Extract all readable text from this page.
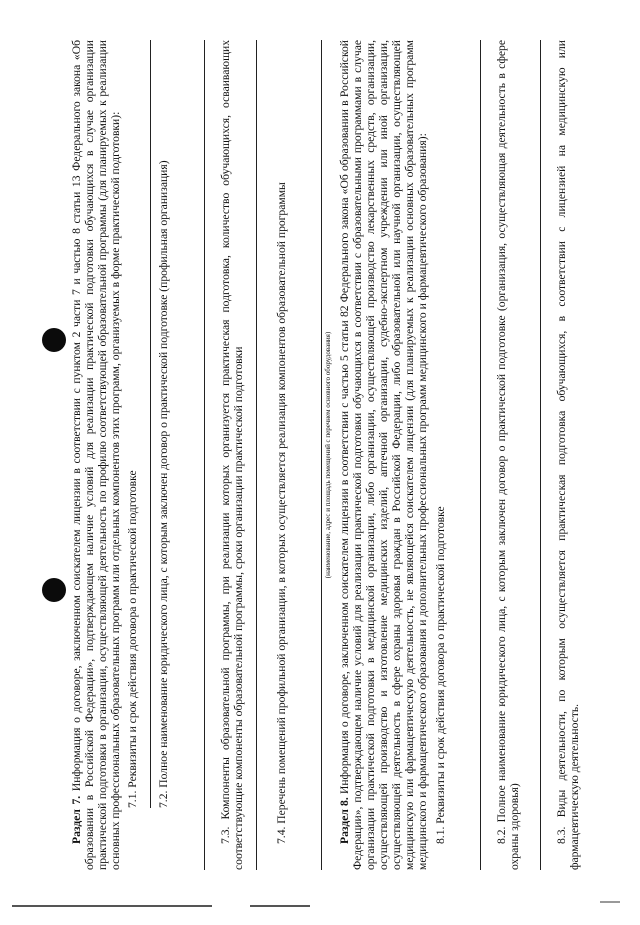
Раздел 7. Информация о договоре, заключенном соискателем лицензии в соответствии с пунктом 2 части 7 и частью 8 статьи 13 Федерального закона «Об образовании в Российской Федерации», подтверждающем наличие условий для реализации практической подготовки обучающихся в случае организации практической подготовки в организации, осуществляющей деятельность по профилю соответствующей образовательной программы (для планируемых к реализации основных профессиональных образовательных программ или отдельных компонентов этих программ, организуемых в форме практической подготовки): 7.1. Реквизиты и срок действия договора о практической подготовке 7.2. Полное наименование юридического лица, с которым заключен договор о практической подготовке (профильная организация)	7.3. Компоненты образовательной программы, при реализации которых организуется практическая подготовка, количество обучающихся, осваивающих соответствующие компоненты образовательной программы, сроки организации практической подготовки	7.4. Перечень помещений профильной организации, в которых осуществляется реализация компонентов образовательной программы	(наименование, адрес и площадь помещений с перечнем основного оборудования)

Раздел 8. Информация о договоре, заключенном соискателем лицензии в соответствии с частью 5 статьи 82 Федерального закона «Об образовании в Российской Федерации», подтверждающем наличие условий для реализации практической подготовки обучающихся в соответствии с образовательными программами в случае организации практической подготовки в медицинской организации, либо организации, осуществляющей производство лекарственных средств, организации, осуществляющей производство и изготовление медицинских изделий, аптечной организации, судебно-экспертном учреждении или иной организации, осуществляющей деятельность в сфере охраны здоровья граждан в Российской Федерации, либо образовательной или научной организации, осуществляющей медицинскую или фармацевтическую деятельность, не являющейся соискателем лицензии (для планируемых к реализации основных образовательных программ медицинского и фармацевтического образования и дополнительных профессиональных программ медицинского и фармацевтического образования): 8.1. Реквизиты и срок действия договора о практической подготовке	8.2. Полное наименование юридического лица, с которым заключен договор о практической подготовке (организация, осуществляющая деятельность в сфере охраны здоровья)	8.3. Виды деятельности, по которым осуществляется практическая подготовка обучающихся, в соответствии с лицензией на медицинскую или фармацевтическую деятельность.
